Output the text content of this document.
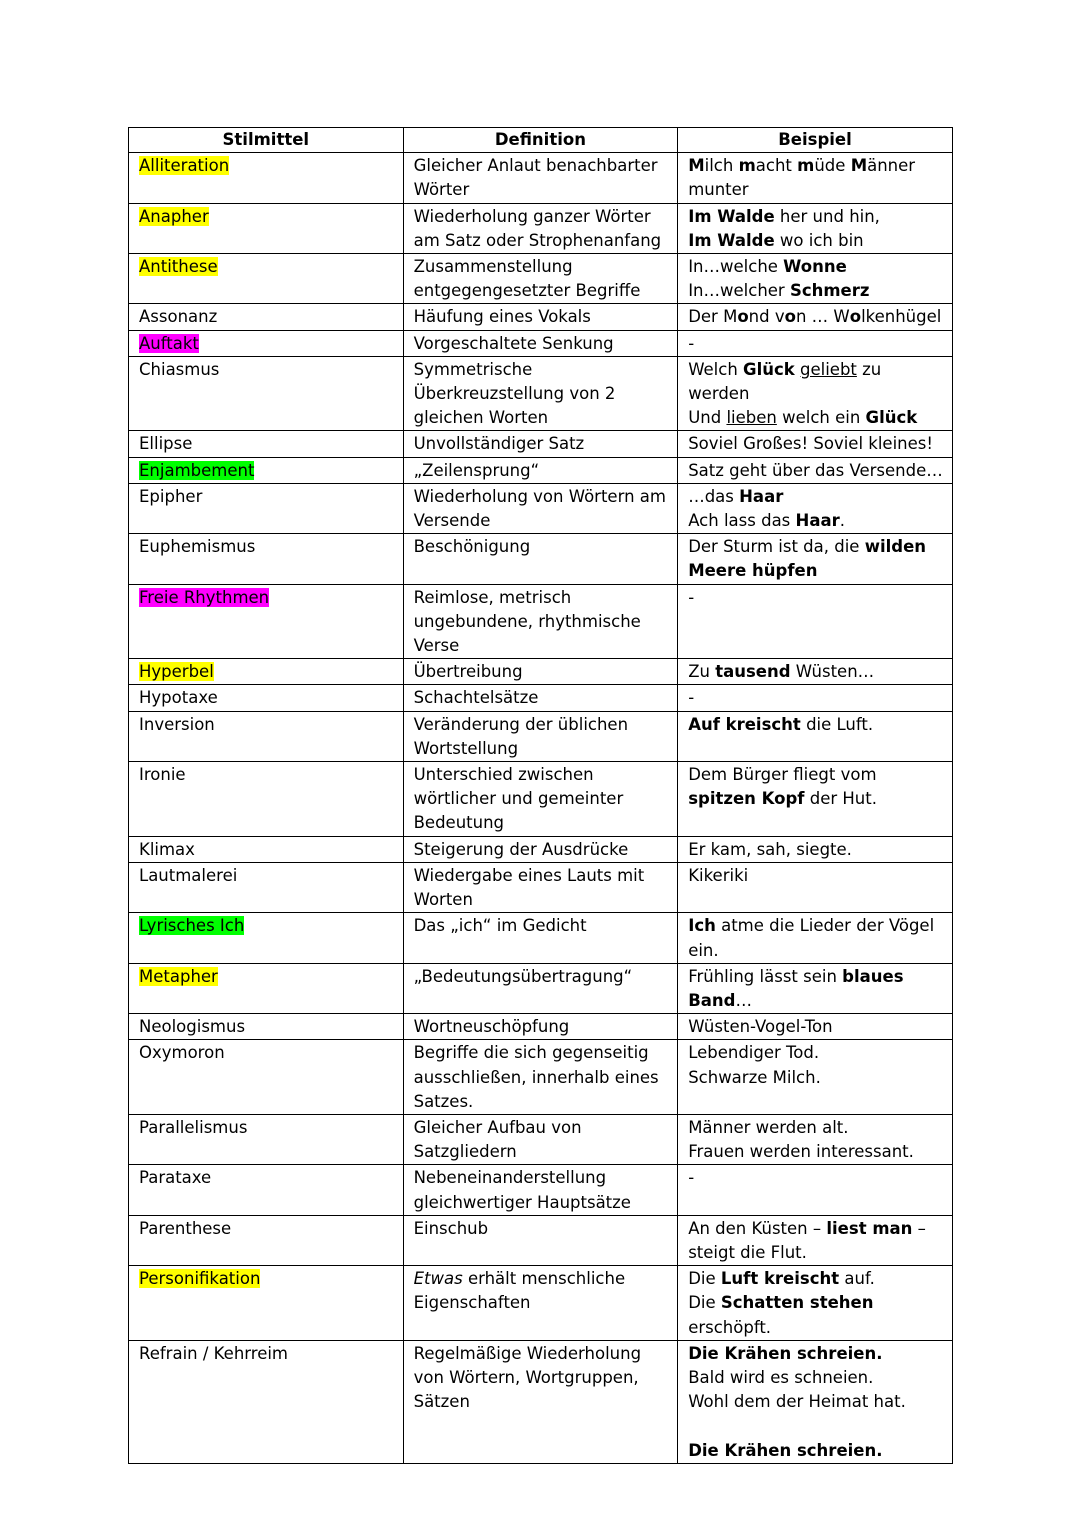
Stilmittel	Definition	Beispiel
Alliteration	Gleicher Anlaut benachbarter Wörter	Milch macht müde Männer
munter

Anapher	Wiederholung ganzer Wörter am Satz oder Strophenanfang	Im Walde her und hin,
Im Walde wo ich bin

Antithese	Zusammenstellung entgegengesetzter Begriffe	In…welche Wonne
In…welcher Schmerz

Assonanz	Häufung eines Vokals	Der Mond von … Wolkenhügel

Auftakt	Vorgeschaltete Senkung	-

Chiasmus	Symmetrische Überkreuzstellung von 2 gleichen Worten	Welch Glück geliebt zu werden
Und lieben welch ein Glück

Ellipse	Unvollständiger Satz	Soviel Großes! Soviel kleines!

Enjambement	„Zeilensprung“	Satz geht über das Versende…

Epipher	Wiederholung von Wörtern am Versende	…das Haar
Ach lass das Haar.

Euphemismus	Beschönigung	Der Sturm ist da, die wilden Meere hüpfen

Freie Rhythmen	Reimlose, metrisch ungebundene, rhythmische Verse	-

Hyperbel	Übertreibung	Zu tausend Wüsten…

Hypotaxe	Schachtelsätze	-

Inversion	Veränderung der üblichen Wortstellung	Auf kreischt die Luft.

Ironie	Unterschied zwischen wörtlicher und gemeinter Bedeutung	Dem Bürger fliegt vom spitzen Kopf der Hut.

Klimax	Steigerung der Ausdrücke	Er kam, sah, siegte.

Lautmalerei	Wiedergabe eines Lauts mit Worten	Kikeriki

Lyrisches Ich	Das „ich“ im Gedicht	Ich atme die Lieder der Vögel ein.

Metapher	„Bedeutungsübertragung“	Frühling lässt sein blaues Band…

Neologismus	Wortneuschöpfung	Wüsten-Vogel-Ton

Oxymoron	Begriffe die sich gegenseitig ausschließen, innerhalb eines Satzes.	Lebendiger Tod.
Schwarze Milch.

Parallelismus	Gleicher Aufbau von Satzgliedern	Männer werden alt.
Frauen werden interessant.

Parataxe	Nebeneinanderstellung gleichwertiger Hauptsätze	-

Parenthese	Einschub	An den Küsten – liest man – steigt die Flut.

Personifikation	Etwas erhält menschliche Eigenschaften	Die Luft kreischt auf.
Die Schatten stehen erschöpft.

Refrain / Kehrreim	Regelmäßige Wiederholung von Wörtern, Wortgruppen, Sätzen	Die Krähen schreien.
Bald wird es schneien.
Wohl dem der Heimat hat.

Die Krähen schreien.
